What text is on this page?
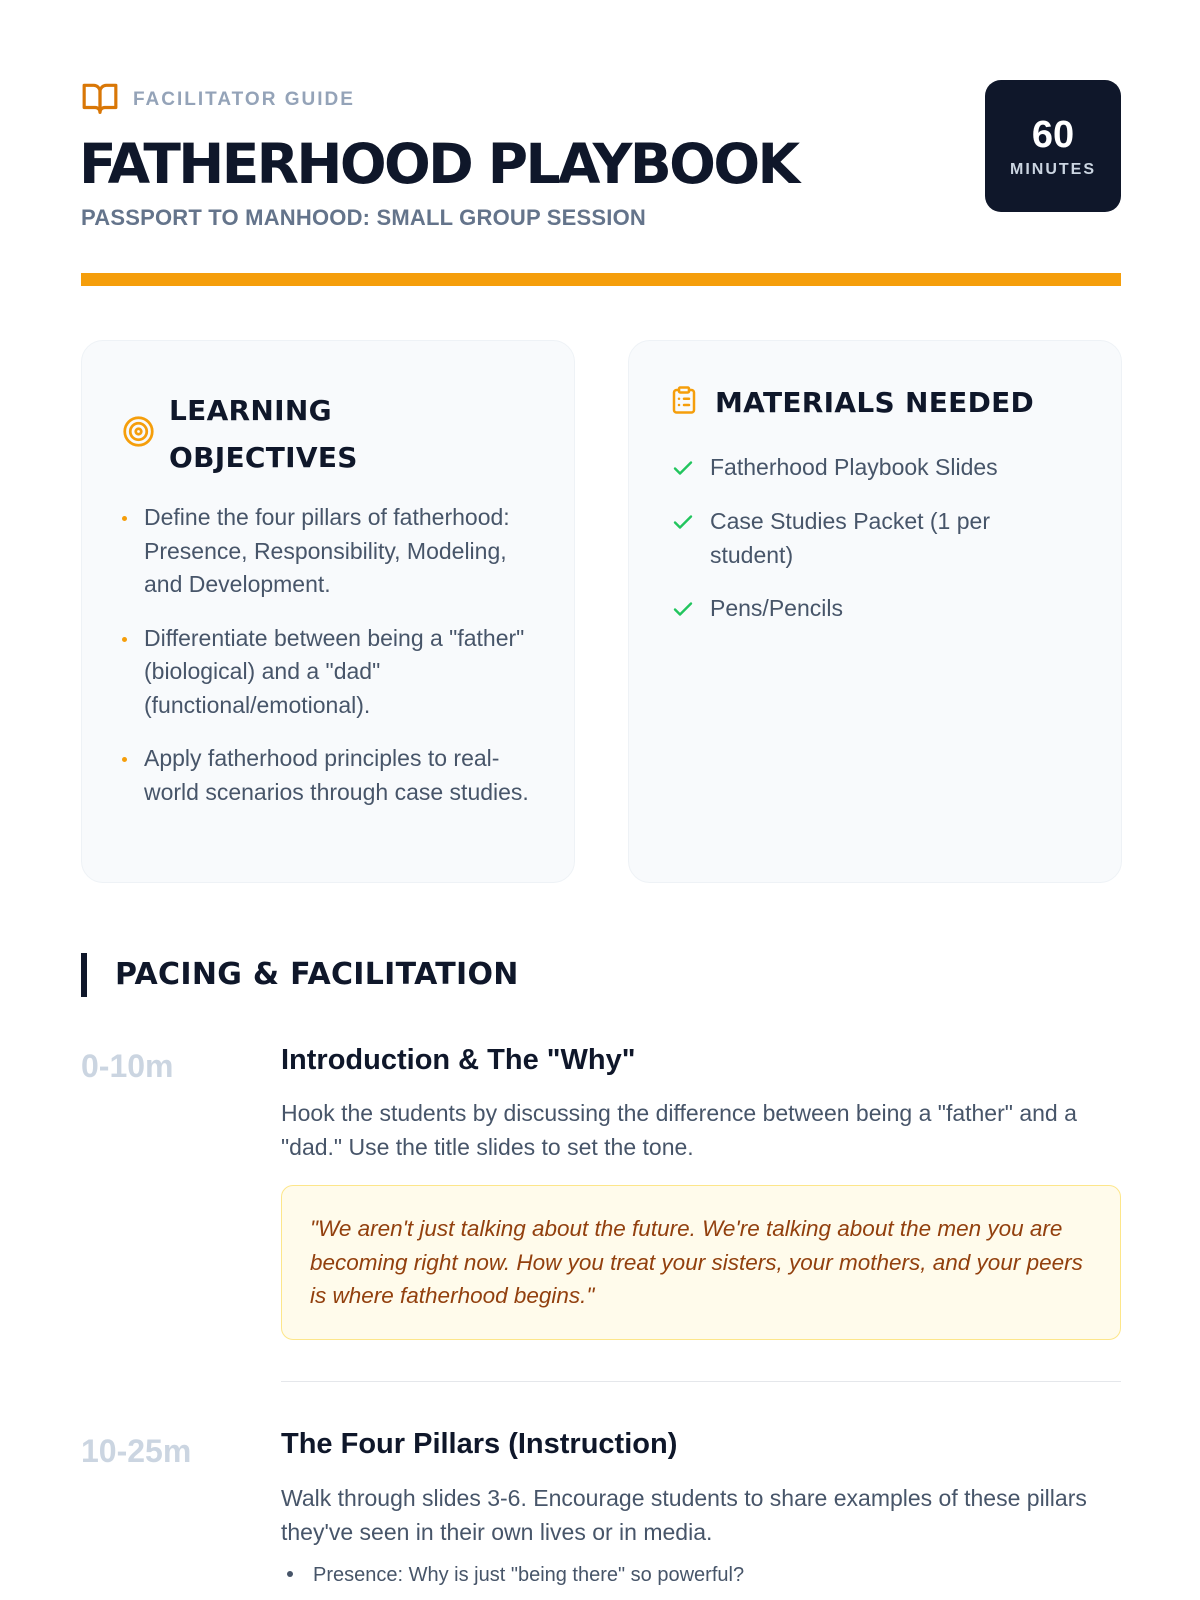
FACILITATOR GUIDE
FATHERHOOD PLAYBOOK
PASSPORT TO MANHOOD: SMALL GROUP SESSION
60
MINUTES
LEARNING OBJECTIVES
Define the four pillars of fatherhood: Presence, Responsibility, Modeling, and Development.
Differentiate between being a "father" (biological) and a "dad" (functional/emotional).
Apply fatherhood principles to real-world scenarios through case studies.
MATERIALS NEEDED
Fatherhood Playbook Slides
Case Studies Packet (1 per student)
Pens/Pencils
PACING & FACILITATION
0-10m	Introduction & The "Why"
Hook the students by discussing the difference between being a "father" and a "dad." Use the title slides to set the tone.
"We aren't just talking about the future. We're talking about the men you are becoming right now. How you treat your sisters, your mothers, and your peers is where fatherhood begins."
10-25m	The Four Pillars (Instruction)
Walk through slides 3-6. Encourage students to share examples of these pillars they've seen in their own lives or in media.
Presence: Why is just "being there" so powerful?
